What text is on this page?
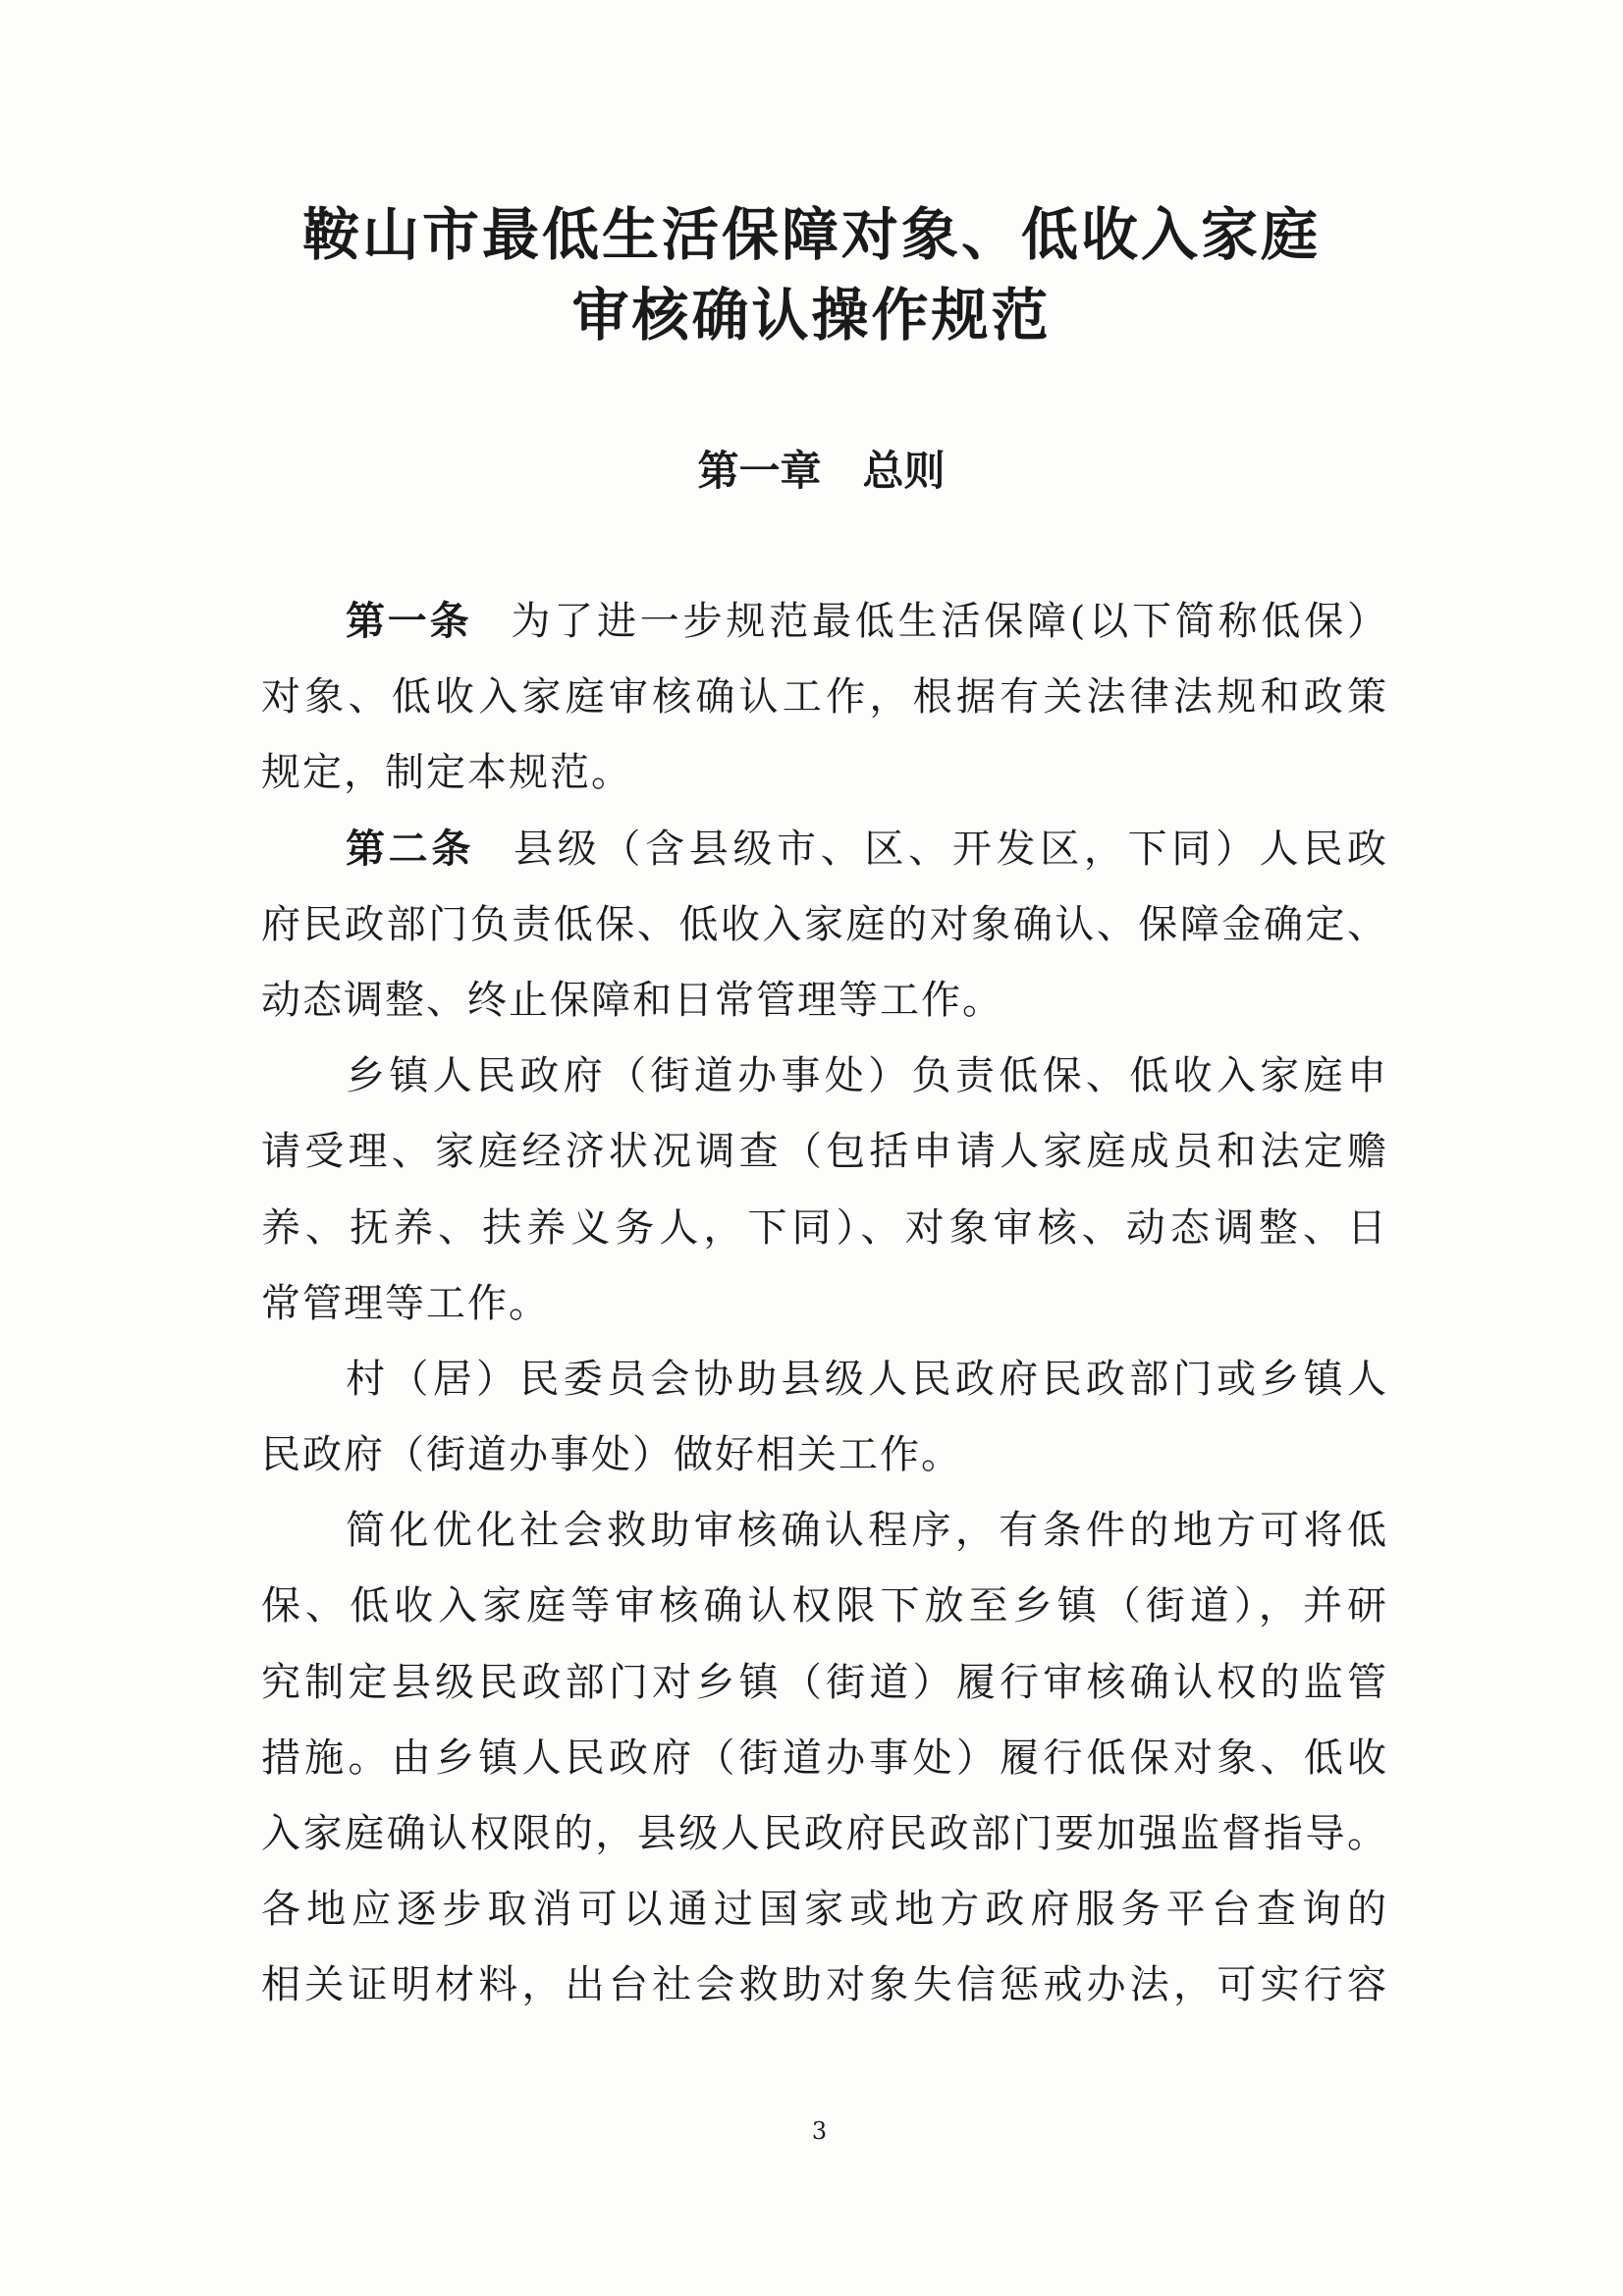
鞍山市最低生活保障对象、低收入家庭
审核确认操作规范
第一章　总则
第一条 为了进一步规范最低生活保障(以下简称低保）
对象、低收入家庭审核确认工作，根据有关法律法规和政策
规定，制定本规范。
第二条 县级（含县级市、区、开发区，下同）人民政
府民政部门负责低保、低收入家庭的对象确认、保障金确定、
动态调整、终止保障和日常管理等工作。
乡镇人民政府（街道办事处）负责低保、低收入家庭申
请受理、家庭经济状况调查（包括申请人家庭成员和法定赡
养、抚养、扶养义务人，下同）、对象审核、动态调整、日
常管理等工作。
村（居）民委员会协助县级人民政府民政部门或乡镇人
民政府（街道办事处）做好相关工作。
简化优化社会救助审核确认程序，有条件的地方可将低
保、低收入家庭等审核确认权限下放至乡镇（街道），并研
究制定县级民政部门对乡镇（街道）履行审核确认权的监管
措施。由乡镇人民政府（街道办事处）履行低保对象、低收
入家庭确认权限的，县级人民政府民政部门要加强监督指导。
各地应逐步取消可以通过国家或地方政府服务平台查询的
相关证明材料，出台社会救助对象失信惩戒办法，可实行容
3
